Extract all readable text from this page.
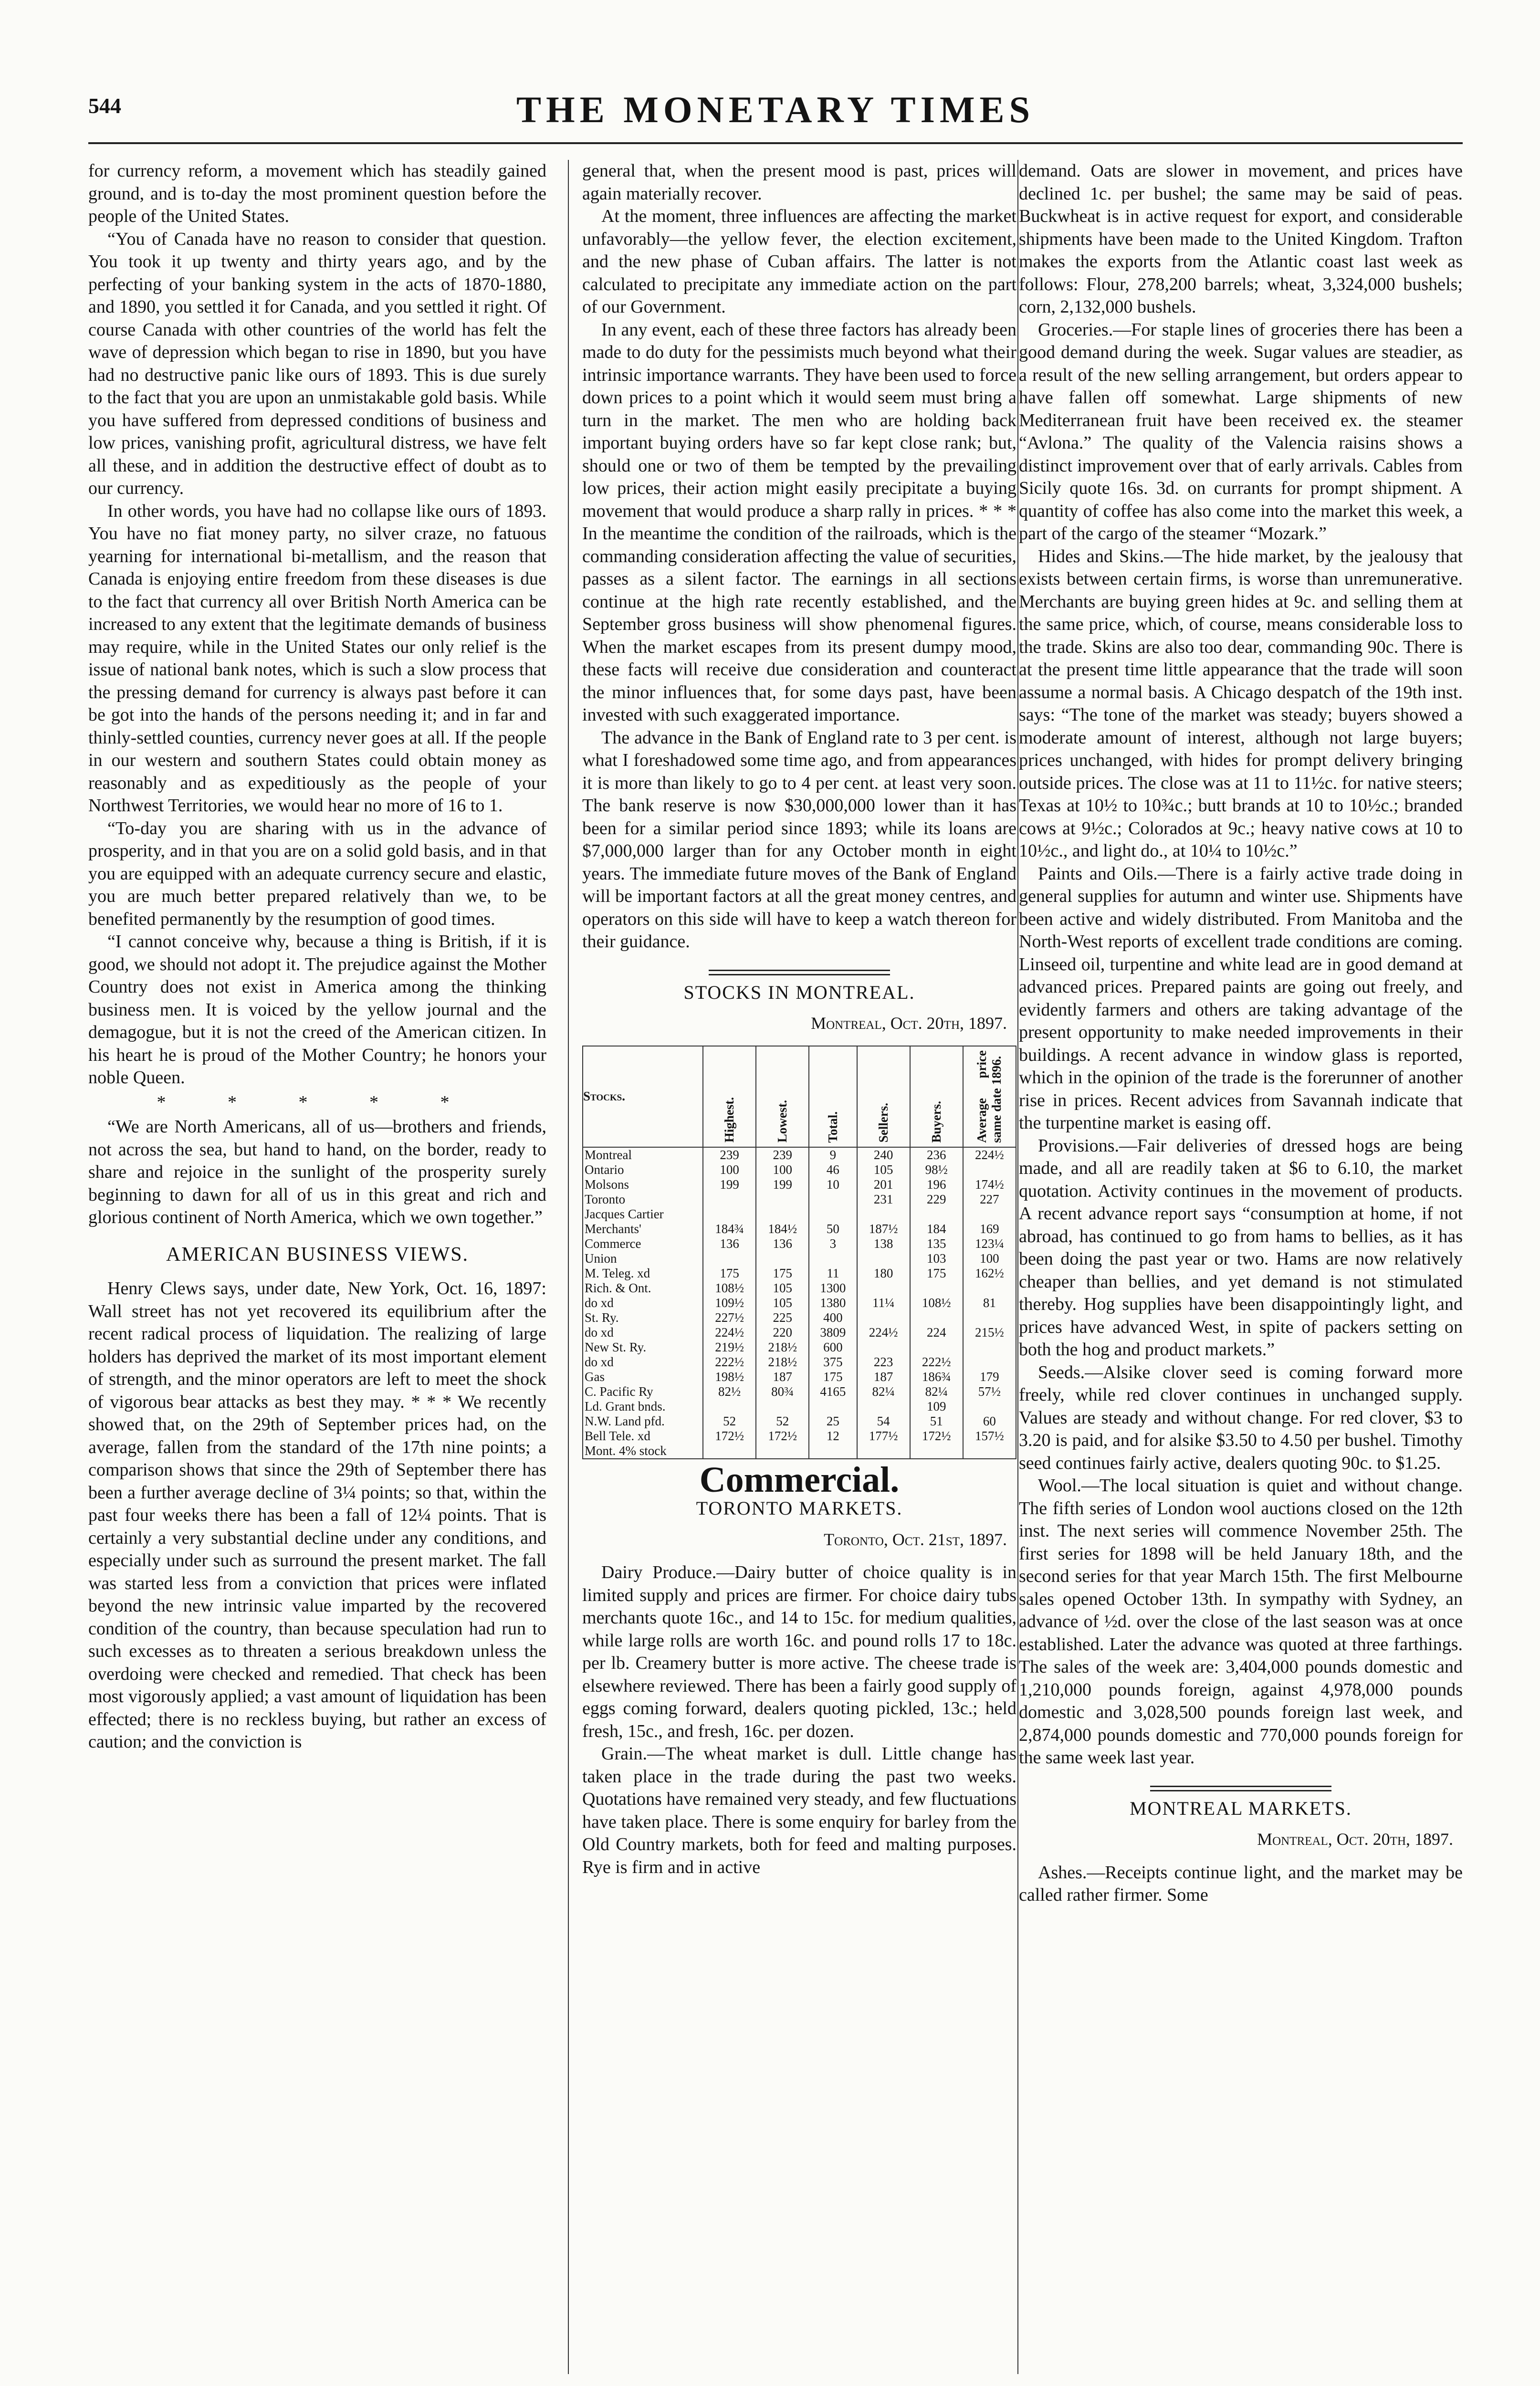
544	THE MONETARY TIMES

for currency reform, a movement which has steadily gained ground, and is to-day the most prominent question before the people of the United States.

“You of Canada have no reason to consider that question. You took it up twenty and thirty years ago, and by the perfecting of your banking system in the acts of 1870-1880, and 1890, you settled it for Canada, and you settled it right. Of course Canada with other countries of the world has felt the wave of depression which began to rise in 1890, but you have had no destructive panic like ours of 1893. This is due surely to the fact that you are upon an unmistakable gold basis. While you have suffered from depressed conditions of business and low prices, vanishing profit, agricultural distress, we have felt all these, and in addition the destructive effect of doubt as to our currency.

In other words, you have had no collapse like ours of 1893. You have no fiat money party, no silver craze, no fatuous yearning for international bi-metallism, and the reason that Canada is enjoying entire freedom from these diseases is due to the fact that currency all over British North America can be increased to any extent that the legitimate demands of business may require, while in the United States our only relief is the issue of national bank notes, which is such a slow process that the pressing demand for currency is always past before it can be got into the hands of the persons needing it; and in far and thinly-settled counties, currency never goes at all. If the people in our western and southern States could obtain money as reasonably and as expeditiously as the people of your Northwest Territories, we would hear no more of 16 to 1.

“To-day you are sharing with us in the advance of prosperity, and in that you are on a solid gold basis, and in that you are equipped with an adequate currency secure and elastic, you are much better prepared relatively than we, to be benefited permanently by the resumption of good times.

“I cannot conceive why, because a thing is British, if it is good, we should not adopt it. The prejudice against the Mother Country does not exist in America among the thinking business men. It is voiced by the yellow journal and the demagogue, but it is not the creed of the American citizen. In his heart he is proud of the Mother Country; he honors your noble Queen.

* * * * *

“We are North Americans, all of us—brothers and friends, not across the sea, but hand to hand, on the border, ready to share and rejoice in the sunlight of the prosperity surely beginning to dawn for all of us in this great and rich and glorious continent of North America, which we own together.”

AMERICAN BUSINESS VIEWS.

Henry Clews says, under date, New York, Oct. 16, 1897: Wall street has not yet recovered its equilibrium after the recent radical process of liquidation. The realizing of large holders has deprived the market of its most important element of strength, and the minor operators are left to meet the shock of vigorous bear attacks as best they may. * * * We recently showed that, on the 29th of September prices had, on the average, fallen from the standard of the 17th nine points; a comparison shows that since the 29th of September there has been a further average decline of 3¼ points; so that, within the past four weeks there has been a fall of 12¼ points. That is certainly a very substantial decline under any conditions, and especially under such as surround the present market. The fall was started less from a conviction that prices were inflated beyond the new intrinsic value imparted by the recovered condition of the country, than because speculation had run to such excesses as to threaten a serious breakdown unless the overdoing were checked and remedied. That check has been most vigorously applied; a vast amount of liquidation has been effected; there is no reckless buying, but rather an excess of caution; and the conviction is

general that, when the present mood is past, prices will again materially recover.

At the moment, three influences are affecting the market unfavorably—the yellow fever, the election excitement, and the new phase of Cuban affairs. The latter is not calculated to precipitate any immediate action on the part of our Government.

In any event, each of these three factors has already been made to do duty for the pessimists much beyond what their intrinsic importance warrants. They have been used to force down prices to a point which it would seem must bring a turn in the market. The men who are holding back important buying orders have so far kept close rank; but, should one or two of them be tempted by the prevailing low prices, their action might easily precipitate a buying movement that would produce a sharp rally in prices. * * * In the meantime the condition of the railroads, which is the commanding consideration affecting the value of securities, passes as a silent factor. The earnings in all sections continue at the high rate recently established, and the September gross business will show phenomenal figures. When the market escapes from its present dumpy mood, these facts will receive due consideration and counteract the minor influences that, for some days past, have been invested with such exaggerated importance.

The advance in the Bank of England rate to 3 per cent. is what I foreshadowed some time ago, and from appearances it is more than likely to go to 4 per cent. at least very soon. The bank reserve is now $30,000,000 lower than it has been for a similar period since 1893; while its loans are $7,000,000 larger than for any October month in eight years. The immediate future moves of the Bank of England will be important factors at all the great money centres, and operators on this side will have to keep a watch thereon for their guidance.

STOCKS IN MONTREAL.
Montreal, Oct. 20th, 1897.
Stocks.	Highest.	Lowest.	Total.	Sellers.	Buyers.	Average price same date 1896.

Montreal	239	239	9	240	236	224½
Ontario	100	100	46	105	98½	
Molsons	199	199	10	201	196	174½
Toronto				231	229	227
Jacques Cartier						
Merchants'	184¾	184½	50	187½	184	169
Commerce	136	136	3	138	135	123¼
Union					103	100
M. Teleg. xd	175	175	11	180	175	162½
Rich. & Ont.	108½	105	1300			
do xd	109½	105	1380	11¼	108½	81
St. Ry.	227½	225	400			
do xd	224½	220	3809	224½	224	215½
New St. Ry.	219½	218½	600			
do xd	222½	218½	375	223	222½	
Gas	198½	187	175	187	186¾	179
C. Pacific Ry	82½	80¾	4165	82¼	82¼	57½
Ld. Grant bnds.					109	
N.W. Land pfd.	52	52	25	54	51	60
Bell Tele. xd	172½	172½	12	177½	172½	157½
Mont. 4% stock						
Commercial.
TORONTO MARKETS.
Toronto, Oct. 21st, 1897.

Dairy Produce.—Dairy butter of choice quality is in limited supply and prices are firmer. For choice dairy tubs merchants quote 16c., and 14 to 15c. for medium qualities, while large rolls are worth 16c. and pound rolls 17 to 18c. per lb. Creamery butter is more active. The cheese trade is elsewhere reviewed. There has been a fairly good supply of eggs coming forward, dealers quoting pickled, 13c.; held fresh, 15c., and fresh, 16c. per dozen.

Grain.—The wheat market is dull. Little change has taken place in the trade during the past two weeks. Quotations have remained very steady, and few fluctuations have taken place. There is some enquiry for barley from the Old Country markets, both for feed and malting purposes. Rye is firm and in active

demand. Oats are slower in movement, and prices have declined 1c. per bushel; the same may be said of peas. Buckwheat is in active request for export, and considerable shipments have been made to the United Kingdom. Trafton makes the exports from the Atlantic coast last week as follows: Flour, 278,200 barrels; wheat, 3,324,000 bushels; corn, 2,132,000 bushels.

Groceries.—For staple lines of groceries there has been a good demand during the week. Sugar values are steadier, as a result of the new selling arrangement, but orders appear to have fallen off somewhat. Large shipments of new Mediterranean fruit have been received ex. the steamer “Avlona.” The quality of the Valencia raisins shows a distinct improvement over that of early arrivals. Cables from Sicily quote 16s. 3d. on currants for prompt shipment. A quantity of coffee has also come into the market this week, a part of the cargo of the steamer “Mozark.”

Hides and Skins.—The hide market, by the jealousy that exists between certain firms, is worse than unremunerative. Merchants are buying green hides at 9c. and selling them at the same price, which, of course, means considerable loss to the trade. Skins are also too dear, commanding 90c. There is at the present time little appearance that the trade will soon assume a normal basis. A Chicago despatch of the 19th inst. says: “The tone of the market was steady; buyers showed a moderate amount of interest, although not large buyers; prices unchanged, with hides for prompt delivery bringing outside prices. The close was at 11 to 11½c. for native steers; Texas at 10½ to 10¾c.; butt brands at 10 to 10½c.; branded cows at 9½c.; Colorados at 9c.; heavy native cows at 10 to 10½c., and light do., at 10¼ to 10½c.”

Paints and Oils.—There is a fairly active trade doing in general supplies for autumn and winter use. Shipments have been active and widely distributed. From Manitoba and the North-West reports of excellent trade conditions are coming. Linseed oil, turpentine and white lead are in good demand at advanced prices. Prepared paints are going out freely, and evidently farmers and others are taking advantage of the present opportunity to make needed improvements in their buildings. A recent advance in window glass is reported, which in the opinion of the trade is the forerunner of another rise in prices. Recent advices from Savannah indicate that the turpentine market is easing off.

Provisions.—Fair deliveries of dressed hogs are being made, and all are readily taken at $6 to 6.10, the market quotation. Activity continues in the movement of products. A recent advance report says “consumption at home, if not abroad, has continued to go from hams to bellies, as it has been doing the past year or two. Hams are now relatively cheaper than bellies, and yet demand is not stimulated thereby. Hog supplies have been disappointingly light, and prices have advanced West, in spite of packers setting on both the hog and product markets.”

Seeds.—Alsike clover seed is coming forward more freely, while red clover continues in unchanged supply. Values are steady and without change. For red clover, $3 to 3.20 is paid, and for alsike $3.50 to 4.50 per bushel. Timothy seed continues fairly active, dealers quoting 90c. to $1.25.

Wool.—The local situation is quiet and without change. The fifth series of London wool auctions closed on the 12th inst. The next series will commence November 25th. The first series for 1898 will be held January 18th, and the second series for that year March 15th. The first Melbourne sales opened October 13th. In sympathy with Sydney, an advance of ½d. over the close of the last season was at once established. Later the advance was quoted at three farthings. The sales of the week are: 3,404,000 pounds domestic and 1,210,000 pounds foreign, against 4,978,000 pounds domestic and 3,028,500 pounds foreign last week, and 2,874,000 pounds domestic and 770,000 pounds foreign for the same week last year.

MONTREAL MARKETS.
Montreal, Oct. 20th, 1897.

Ashes.—Receipts continue light, and the market may be called rather firmer. Some
